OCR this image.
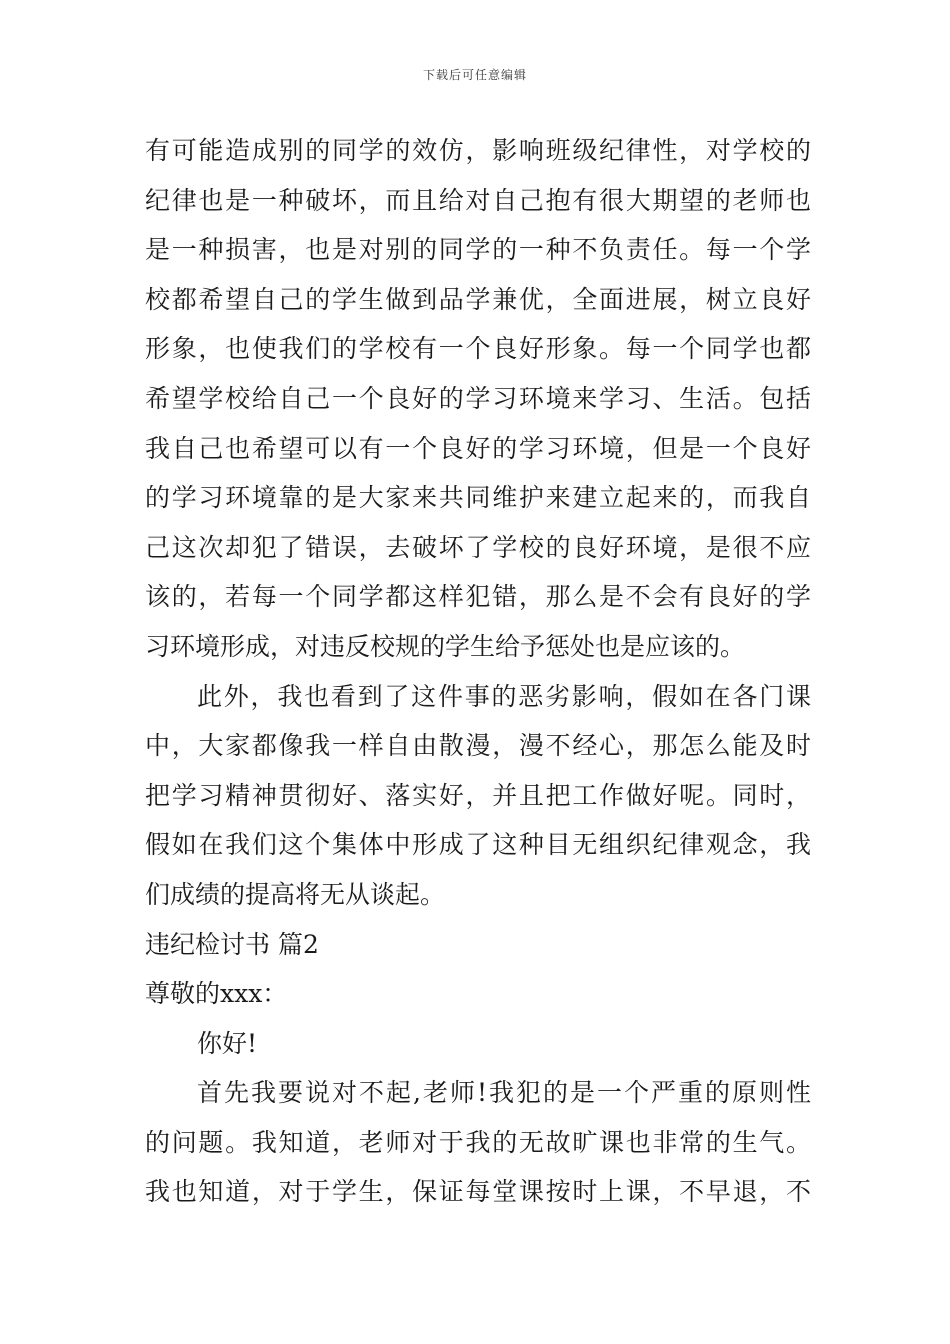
下载后可任意编辑
有可能造成别的同学的效仿，影响班级纪律性，对学校的
纪律也是一种破坏，而且给对自己抱有很大期望的老师也
是一种损害，也是对别的同学的一种不负责任。每一个学
校都希望自己的学生做到品学兼优，全面进展，树立良好
形象，也使我们的学校有一个良好形象。每一个同学也都
希望学校给自己一个良好的学习环境来学习、生活。包括
我自己也希望可以有一个良好的学习环境，但是一个良好
的学习环境靠的是大家来共同维护来建立起来的，而我自
己这次却犯了错误，去破坏了学校的良好环境，是很不应
该的，若每一个同学都这样犯错，那么是不会有良好的学
习环境形成，对违反校规的学生给予惩处也是应该的。
此外，我也看到了这件事的恶劣影响，假如在各门课
中，大家都像我一样自由散漫，漫不经心，那怎么能及时
把学习精神贯彻好、落实好，并且把工作做好呢。同时，
假如在我们这个集体中形成了这种目无组织纪律观念，我
们成绩的提高将无从谈起。
违纪检讨书 篇2
尊敬的xxx：
你好!
首先我要说对不起,老师!我犯的是一个严重的原则性
的问题。我知道，老师对于我的无故旷课也非常的生气。
我也知道，对于学生，保证每堂课按时上课，不早退，不
